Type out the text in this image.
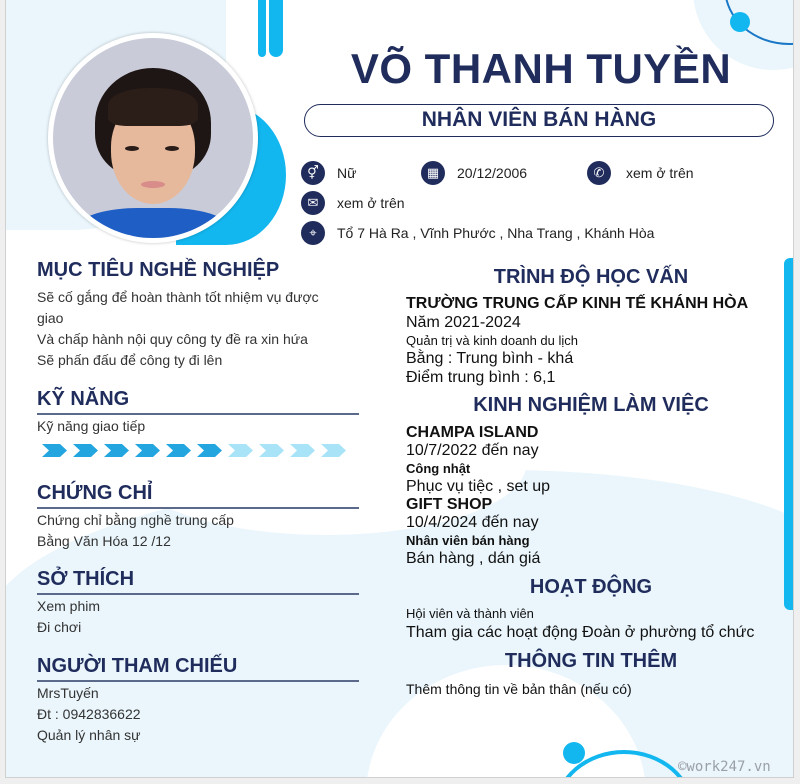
VÕ THANH TUYỀN
NHÂN VIÊN BÁN HÀNG
⚥	Nữ	▦	20/12/2006	✆	xem ở trên
✉	xem ở trên
⌖	Tổ 7 Hà Ra , Vĩnh Phước , Nha Trang , Khánh Hòa
MỤC TIÊU NGHỀ NGHIỆP
Sẽ cố gắng để hoàn thành tốt nhiệm vụ được
giao
Và chấp hành nội quy công ty đề ra xin hứa
Sẽ phấn đấu để công ty đi lên
KỸ NĂNG
Kỹ năng giao tiếp
CHỨNG CHỈ
Chứng chỉ bằng nghề trung cấp
Bằng Văn Hóa 12 /12
SỞ THÍCH
Xem phim
Đi chơi
NGƯỜI THAM CHIẾU
MrsTuyến
Đt : 0942836622
Quản lý nhân sự
TRÌNH ĐỘ HỌC VẤN
TRƯỜNG TRUNG CẤP KINH TẾ KHÁNH HÒA
Năm 2021-2024
Quản trị và kinh doanh du lịch
Bằng : Trung bình - khá
Điểm trung bình : 6,1
KINH NGHIỆM LÀM VIỆC
CHAMPA ISLAND
10/7/2022 đến nay
Công nhật
Phục vụ tiệc , set up
GIFT SHOP
10/4/2024 đến nay
Nhân viên bán hàng
Bán hàng , dán giá
HOẠT ĐỘNG
Hội viên và thành viên
Tham gia các hoạt động Đoàn ở phường tổ chức
THÔNG TIN THÊM
Thêm thông tin về bản thân (nếu có)
©work247.vn
